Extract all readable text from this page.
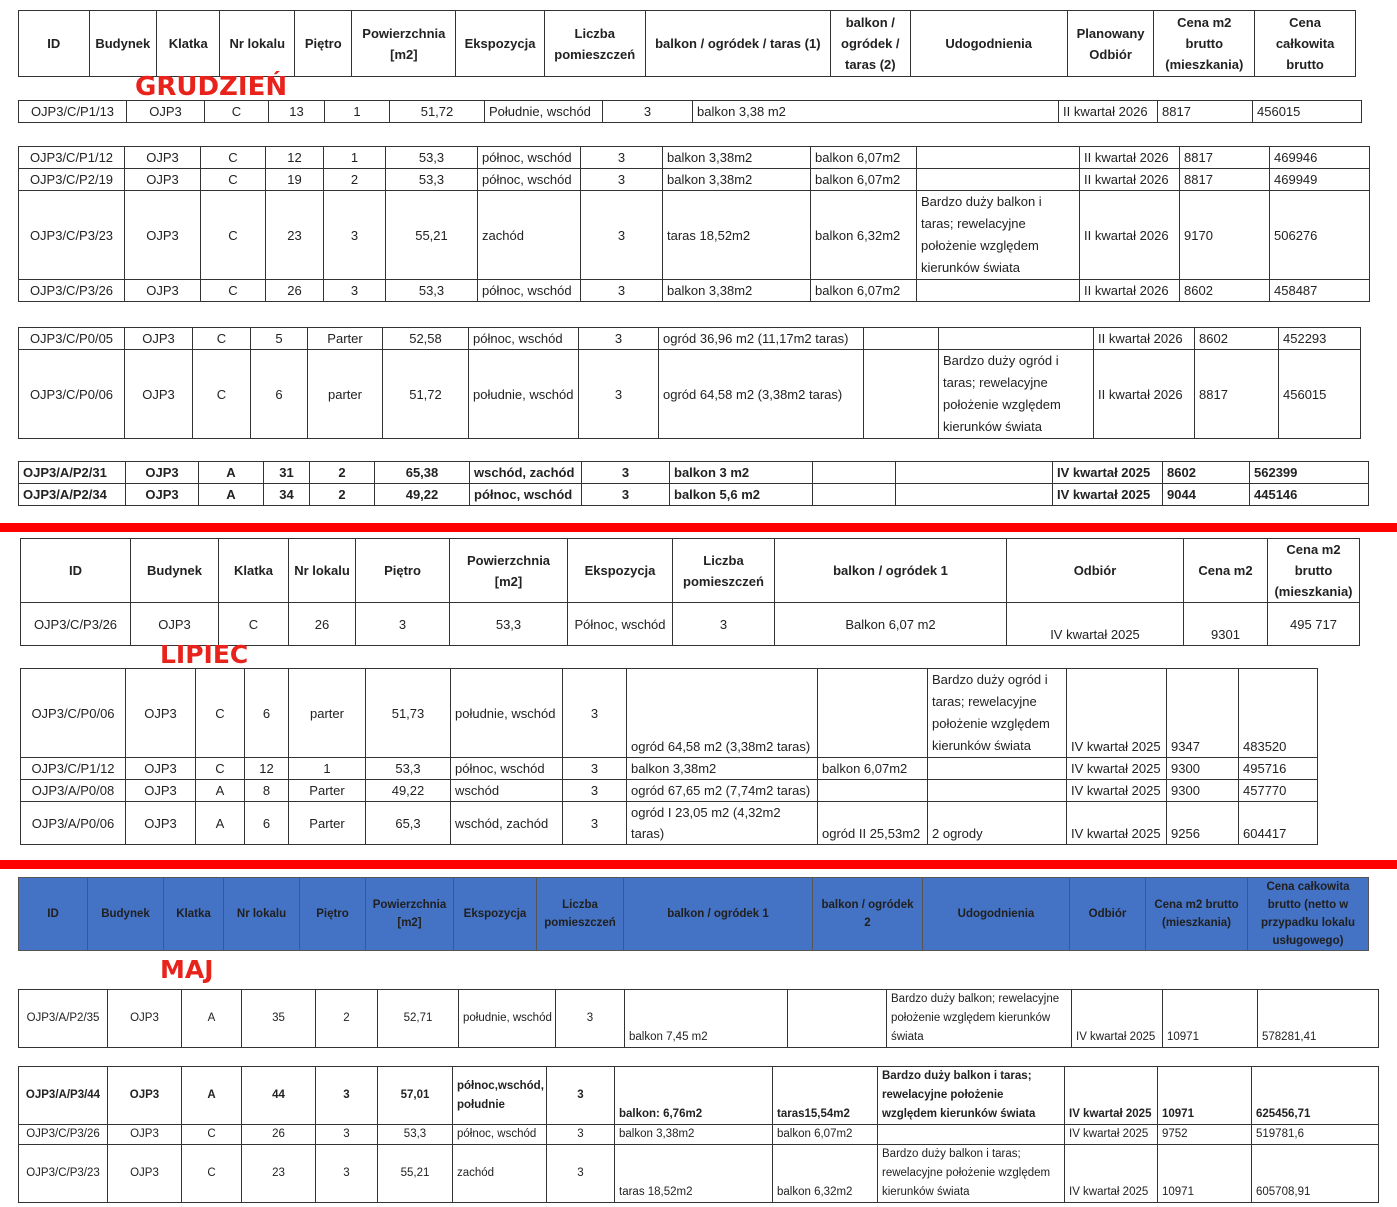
ID	Budynek	Klatka	Nr lokalu	Piętro	Powierzchnia [m2]	Ekspozycja	Liczba pomieszczeń	balkon / ogródek / taras (1)	balkon / ogródek / taras (2)	Udogodnienia	Planowany Odbiór	Cena m2 brutto (mieszkania)	Cena całkowita brutto
GRUDZIEŃ
OJP3/C/P1/13	OJP3	C	13	1	51,72	Południe, wschód	3	balkon 3,38 m2	II kwartał 2026	8817	456015
OJP3/C/P1/12	OJP3	C	12	1	53,3	północ, wschód	3	balkon 3,38m2	balkon 6,07m2		II kwartał 2026	8817	469946
OJP3/C/P2/19	OJP3	C	19	2	53,3	północ, wschód	3	balkon 3,38m2	balkon 6,07m2		II kwartał 2026	8817	469949
OJP3/C/P3/23	OJP3	C	23	3	55,21	zachód	3	taras 18,52m2	balkon 6,32m2	Bardzo duży balkon i taras; rewelacyjne położenie względem kierunków świata	II kwartał 2026	9170	506276
OJP3/C/P3/26	OJP3	C	26	3	53,3	północ, wschód	3	balkon 3,38m2	balkon 6,07m2		II kwartał 2026	8602	458487
OJP3/C/P0/05	OJP3	C	5	Parter	52,58	północ, wschód	3	ogród 36,96 m2 (11,17m2 taras)			II kwartał 2026	8602	452293
OJP3/C/P0/06	OJP3	C	6	parter	51,72	południe, wschód	3	ogród 64,58 m2 (3,38m2 taras)		Bardzo duży ogród i taras; rewelacyjne położenie względem kierunków świata	II kwartał 2026	8817	456015
OJP3/A/P2/31	OJP3	A	31	2	65,38	wschód, zachód	3	balkon 3 m2			IV kwartał 2025	8602	562399
OJP3/A/P2/34	OJP3	A	34	2	49,22	północ, wschód	3	balkon 5,6 m2			IV kwartał 2025	9044	445146
ID	Budynek	Klatka	Nr lokalu	Piętro	Powierzchnia [m2]	Ekspozycja	Liczba pomieszczeń	balkon / ogródek 1	Odbiór	Cena m2	Cena m2 brutto (mieszkania)
OJP3/C/P3/26	OJP3	C	26	3	53,3	Północ, wschód	3	Balkon 6,07 m2	IV kwartał 2025	9301	495 717
LIPIEC
OJP3/C/P0/06	OJP3	C	6	parter	51,73	południe, wschód	3	ogród 64,58 m2 (3,38m2 taras)		Bardzo duży ogród i taras; rewelacyjne położenie względem kierunków świata	IV kwartał 2025	9347	483520
OJP3/C/P1/12	OJP3	C	12	1	53,3	północ, wschód	3	balkon 3,38m2	balkon 6,07m2		IV kwartał 2025	9300	495716
OJP3/A/P0/08	OJP3	A	8	Parter	49,22	wschód	3	ogród 67,65 m2 (7,74m2 taras)			IV kwartał 2025	9300	457770
OJP3/A/P0/06	OJP3	A	6	Parter	65,3	wschód, zachód	3	ogród I 23,05 m2 (4,32m2 taras)	ogród II 25,53m2	2 ogrody	IV kwartał 2025	9256	604417
ID	Budynek	Klatka	Nr lokalu	Piętro	Powierzchnia [m2]	Ekspozycja	Liczba pomieszczeń	balkon / ogródek 1	balkon / ogródek 2	Udogodnienia	Odbiór	Cena m2 brutto (mieszkania)	Cena całkowita brutto (netto w przypadku lokalu usługowego)
MAJ
OJP3/A/P2/35	OJP3	A	35	2	52,71	południe, wschód	3	balkon 7,45 m2		Bardzo duży balkon; rewelacyjne położenie względem kierunków świata	IV kwartał 2025	10971	578281,41
OJP3/A/P3/44	OJP3	A	44	3	57,01	północ,wschód, południe	3	balkon: 6,76m2	taras15,54m2	Bardzo duży balkon i taras; rewelacyjne położenie względem kierunków świata	IV kwartał 2025	10971	625456,71
OJP3/C/P3/26	OJP3	C	26	3	53,3	północ, wschód	3	balkon 3,38m2	balkon 6,07m2		IV kwartał 2025	9752	519781,6
OJP3/C/P3/23	OJP3	C	23	3	55,21	zachód	3	taras 18,52m2	balkon 6,32m2	Bardzo duży balkon i taras; rewelacyjne położenie względem kierunków świata	IV kwartał 2025	10971	605708,91
